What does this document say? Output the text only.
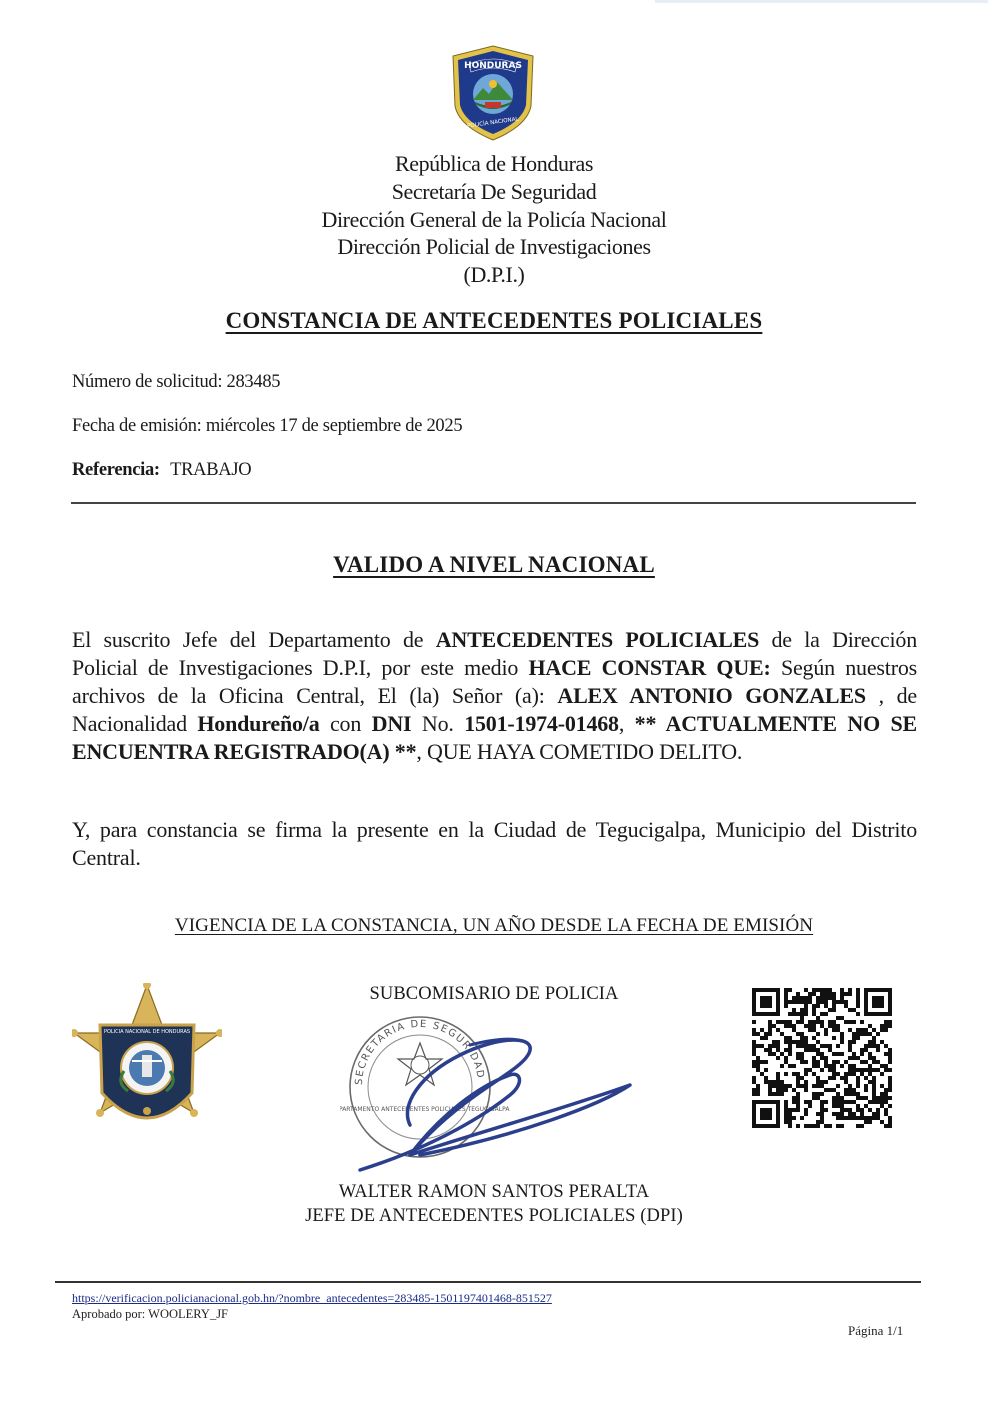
HONDURAS
POLICÍA NACIONAL
República de Honduras
Secretaría De Seguridad
Dirección General de la Policía Nacional
Dirección Policial de Investigaciones
(D.P.I.)
CONSTANCIA DE ANTECEDENTES POLICIALES
Número de solicitud: 283485
Fecha de emisión: miércoles 17 de septiembre de 2025
Referencia: TRABAJO
VALIDO A NIVEL NACIONAL
El suscrito Jefe del Departamento de ANTECEDENTES POLICIALES de la Dirección Policial de Investigaciones D.P.I, por este medio HACE CONSTAR QUE: Según nuestros archivos de la Oficina Central, El (la) Señor (a): ALEX ANTONIO GONZALES , de Nacionalidad Hondureño/a con DNI No. 1501-1974-01468, ** ACTUALMENTE NO SE ENCUENTRA REGISTRADO(A) **, QUE HAYA COMETIDO DELITO.
Y, para constancia se firma la presente en la Ciudad de Tegucigalpa, Municipio del Distrito Central.
VIGENCIA DE LA CONSTANCIA, UN AÑO DESDE LA FECHA DE EMISIÓN
POLICIA NACIONAL DE HONDURAS
SUBCOMISARIO DE POLICIA
SECRETARIA DE SEGURIDAD
DEPARTAMENTO ANTECEDENTES POLICIALES TEGUCIGALPA
WALTER RAMON SANTOS PERALTA
JEFE DE ANTECEDENTES POLICIALES (DPI)
https://verificacion.policianacional.gob.hn/?nombre_antecedentes=283485-1501197401468-851527
Aprobado por: WOOLERY_JF
Página 1/1
